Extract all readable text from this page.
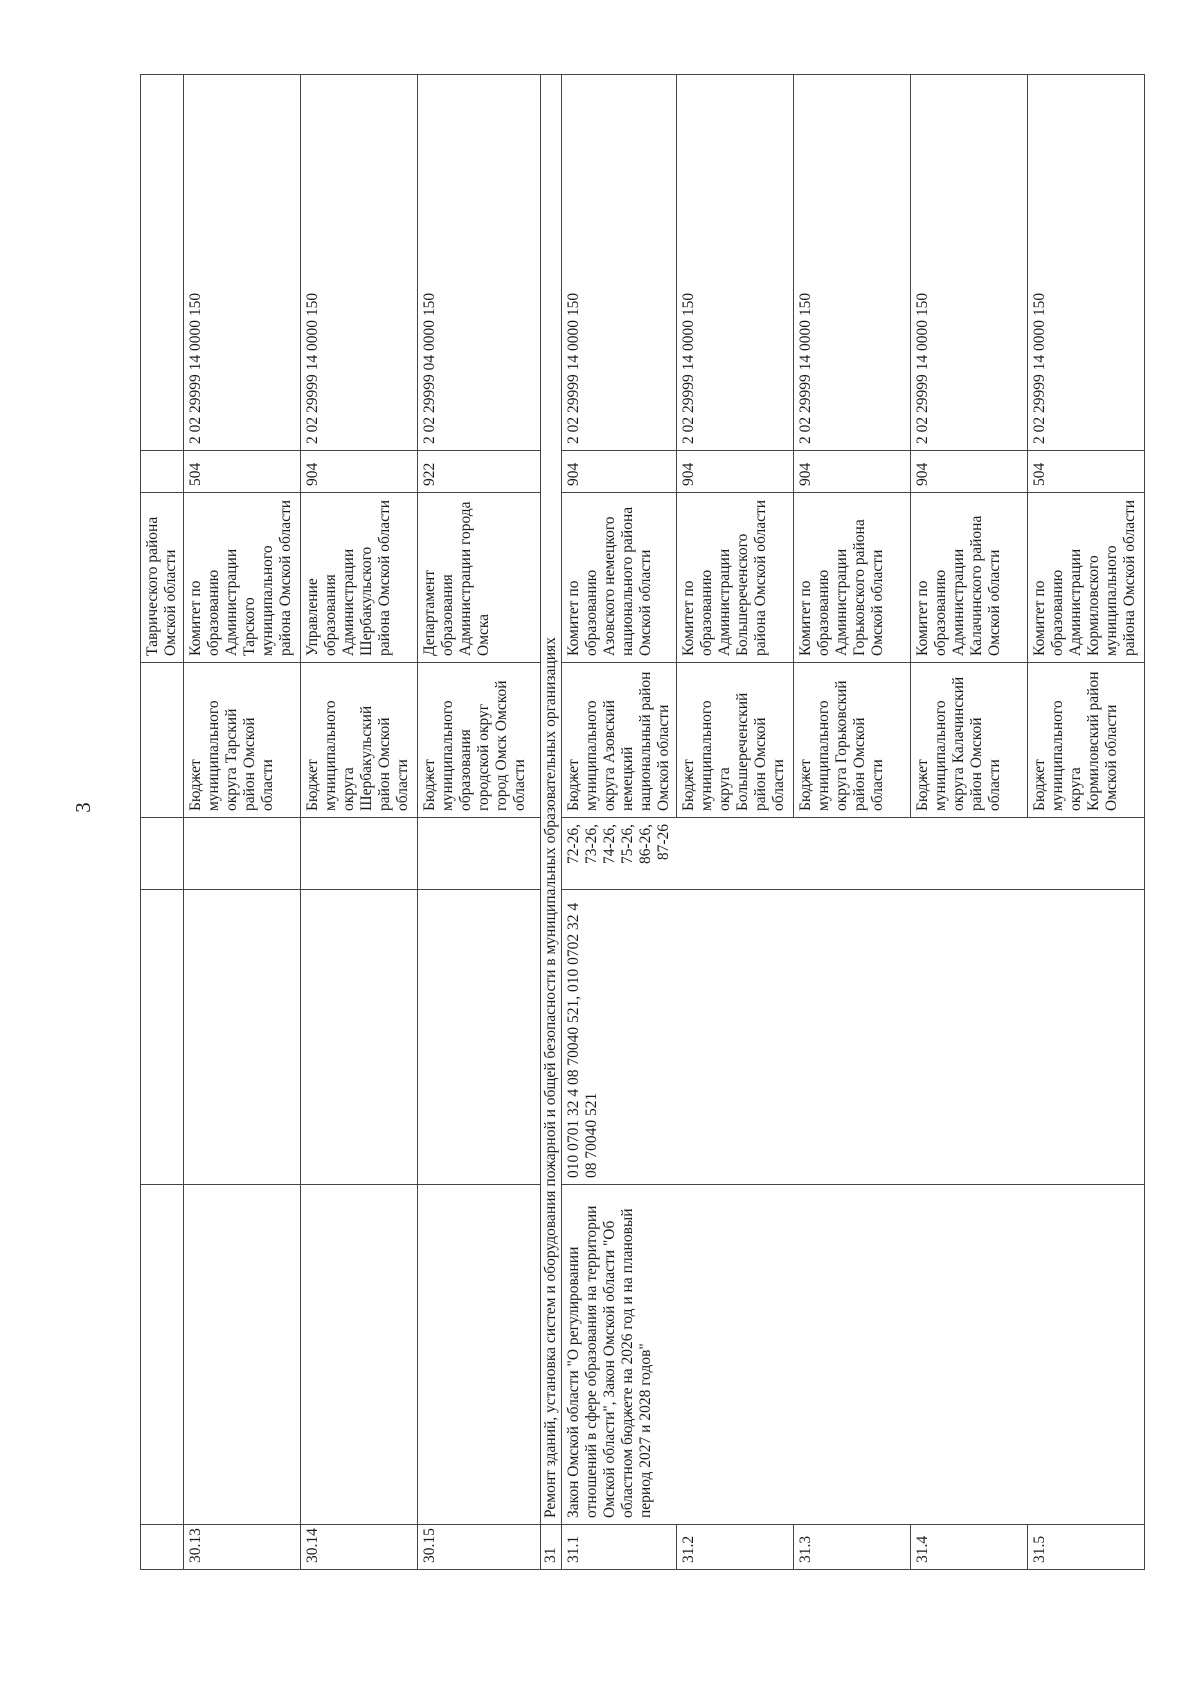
3
					Таврического района Омской области		
30.13				Бюджет муниципального округа Тарский район Омской области	Комитет по образованию Администрации Тарского муниципального района Омской области	504	2 02 29999 14 0000 150
30.14				Бюджет муниципального округа Шербакульский район Омской области	Управление образования Администрации Шербакульского района Омской области	904	2 02 29999 14 0000 150
30.15				Бюджет муниципального образования городской округ город Омск Омской области	Департамент образования Администрации города Омска	922	2 02 29999 04 0000 150
31	Ремонт зданий, установка систем и оборудования пожарной и общей безопасности в муниципальных образовательных организациях						
31.1	Закон Омской области "О регулировании отношений в сфере образования на территории Омской области", Закон Омской области "Об областном бюджете на 2026 год и на плановый период 2027 и 2028 годов"	010 0701 32 4 08 70040 521, 010 0702 32 4 08 70040 521	72-26, 73-26, 74-26, 75-26, 86-26, 87-26	Бюджет муниципального округа Азовский немецкий национальный район Омской области	Комитет по образованию Азовского немецкого национального района Омской области	904	2 02 29999 14 0000 150
31.2				Бюджет муниципального округа Большереченский район Омской области	Комитет по образованию Администрации Большереченского района Омской области	904	2 02 29999 14 0000 150
31.3				Бюджет муниципального округа Горьковский район Омской области	Комитет по образованию Администрации Горьковского района Омской области	904	2 02 29999 14 0000 150
31.4				Бюджет муниципального округа Калачинский район Омской области	Комитет по образованию Администрации Калачинского района Омской области	904	2 02 29999 14 0000 150
31.5				Бюджет муниципального округа Кормиловский район Омской области	Комитет по образованию Администрации Кормиловского муниципального района Омской области	504	2 02 29999 14 0000 150
